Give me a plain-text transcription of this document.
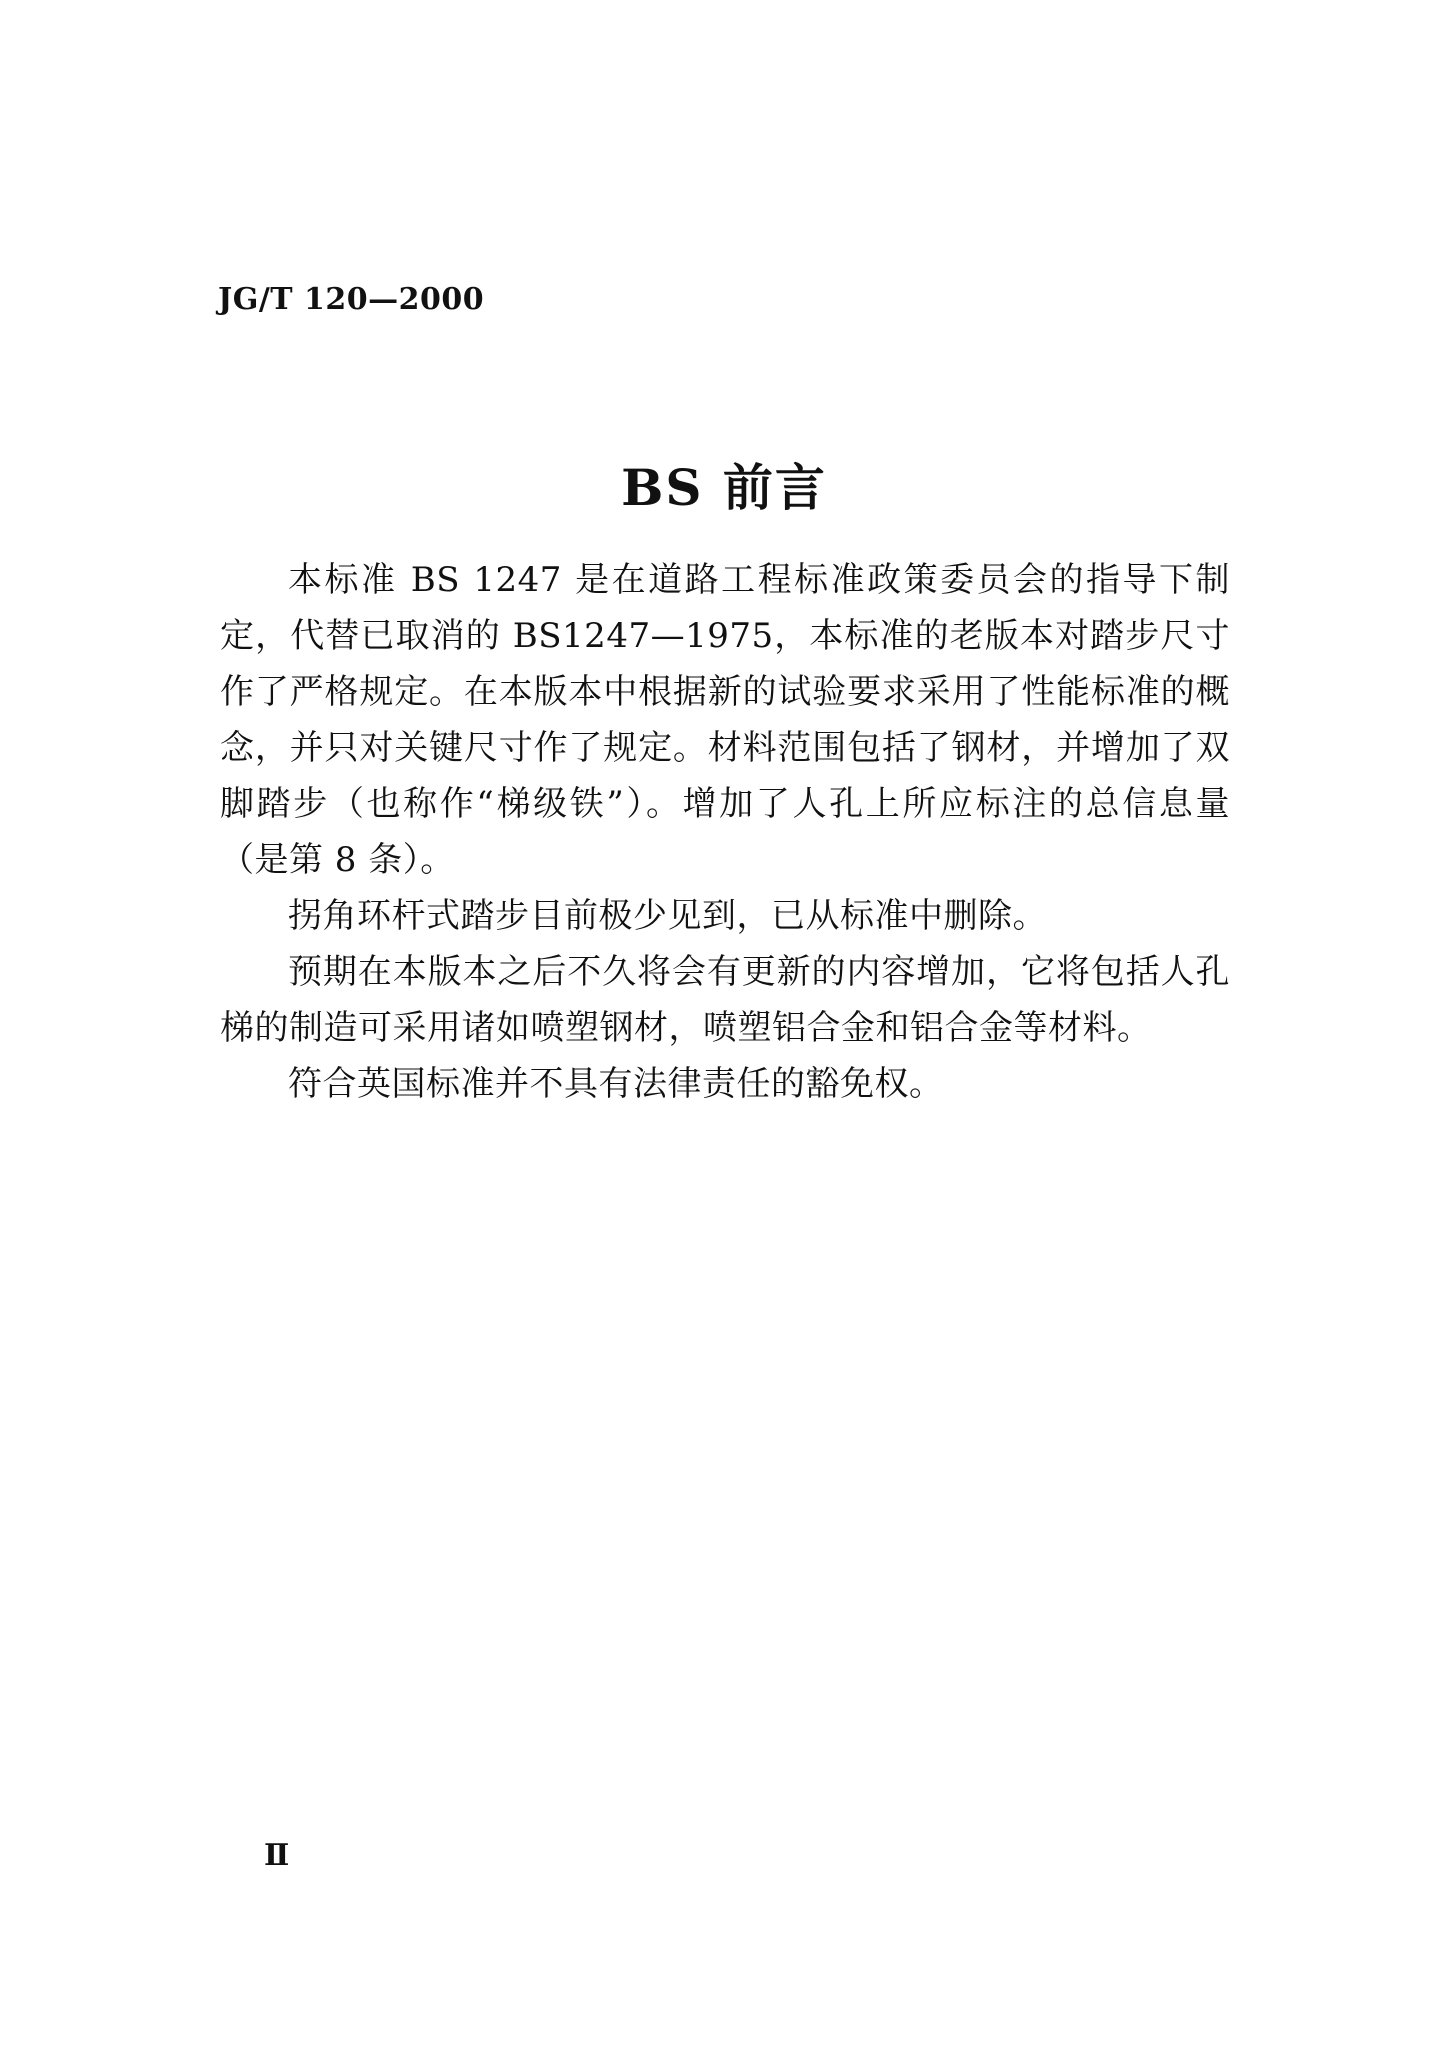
JG/T 120—2000
BS 前言

本标准 BS 1247 是在道路工程标准政策委员会的指导下制定，代替已取消的 BS1247—1975，本标准的老版本对踏步尺寸作了严格规定。在本版本中根据新的试验要求采用了性能标准的概念，并只对关键尺寸作了规定。材料范围包括了钢材，并增加了双脚踏步（也称作“梯级铁”）。增加了人孔上所应标注的总信息量（是第 8 条）。

拐角环杆式踏步目前极少见到，已从标准中删除。

预期在本版本之后不久将会有更新的内容增加，它将包括人孔梯的制造可采用诸如喷塑钢材，喷塑铝合金和铝合金等材料。

符合英国标准并不具有法律责任的豁免权。

Ⅱ
